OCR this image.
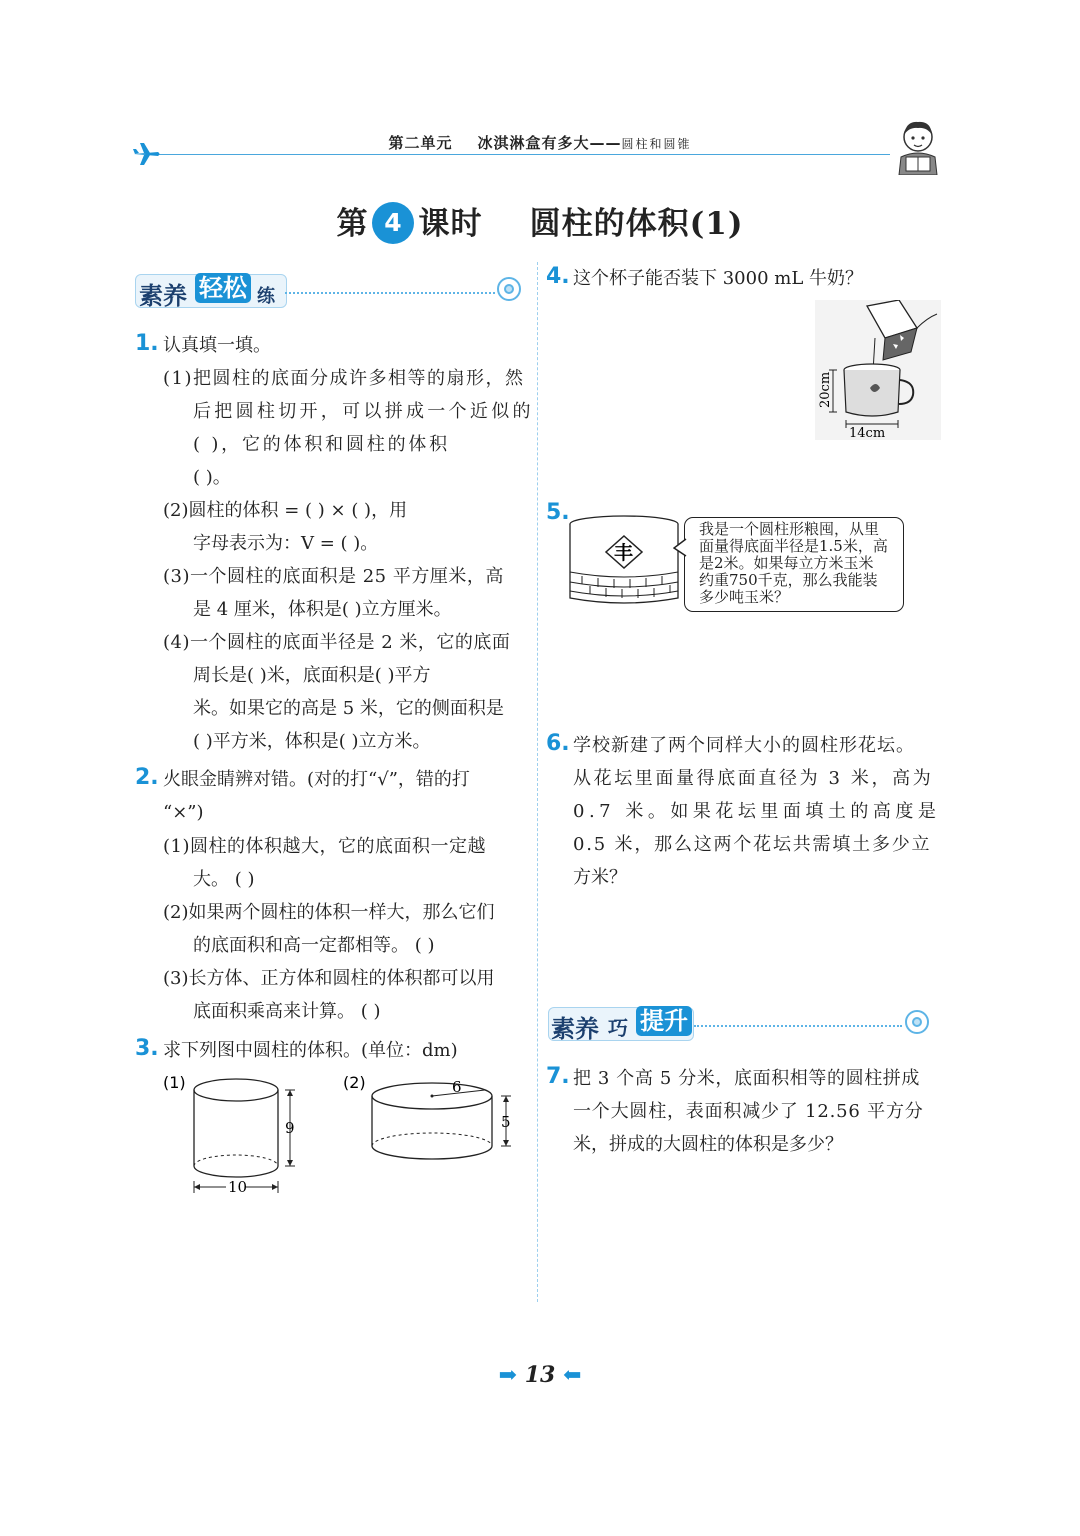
第二单元 冰淇淋盒有多大——圆柱和圆锥
第 4 课时 圆柱的体积(1)
素养 轻松 练
1. 认真填一填。
(1)把圆柱的底面分成许多相等的扇形，然
后把圆柱切开，可以拼成一个近似的
( )，它的体积和圆柱的体积
( )。
(2)圆柱的体积 = ( ) × ( )，用
字母表示为：V = ( )。
(3)一个圆柱的底面积是 25 平方厘米，高
是 4 厘米，体积是( )立方厘米。
(4)一个圆柱的底面半径是 2 米，它的底面
周长是( )米，底面积是( )平方
米。如果它的高是 5 米，它的侧面积是
( )平方米，体积是( )立方米。
2. 火眼金睛辨对错。(对的打“√”，错的打
“×”)
(1)圆柱的体积越大，它的底面积一定越
大。 ( )
(2)如果两个圆柱的体积一样大，那么它们
的底面积和高一定都相等。 ( )
(3)长方体、正方体和圆柱的体积都可以用
底面积乘高来计算。 ( )
3. 求下列图中圆柱的体积。(单位：dm)
(1)
9
10
(2)	6
5
4. 这个杯子能否装下 3000 mL 牛奶？
20cm
14cm
5.
丰
我是一个圆柱形粮囤，从里
面量得底面半径是1.5米，高
是2米。如果每立方米玉米
约重750千克，那么我能装
多少吨玉米？
6. 学校新建了两个同样大小的圆柱形花坛。
从花坛里面量得底面直径为 3 米，高为
0.7 米。如果花坛里面填土的高度是
0.5 米，那么这两个花坛共需填土多少立
方米？
素养 巧 提升
7. 把 3 个高 5 分米，底面积相等的圆柱拼成
一个大圆柱，表面积减少了 12.56 平方分
米，拼成的大圆柱的体积是多少？
➡ 13 ⬅
